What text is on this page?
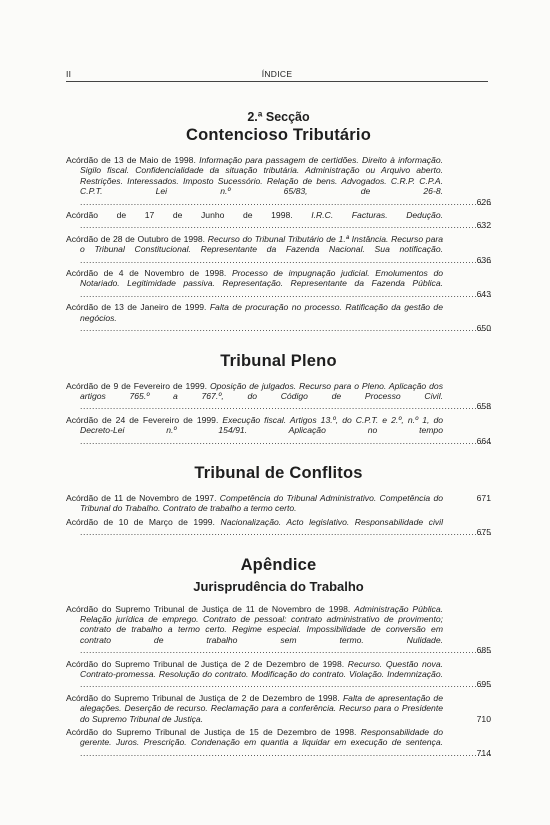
II	ÍNDICE
2.ª Secção
Contencioso Tributário
Acórdão de 13 de Maio de 1998. Informação para passagem de certidões. Direito à informação. Sigilo fiscal. Confidencialidade da situação tributária. Administração ou Arquivo aberto. Restrições. Interessados. Imposto Sucessório. Relação de bens. Advogados. C.R.P. C.P.A. C.P.T. Lei n.º 65/83, de 26-8. .....
626
Acórdão de 17 de Junho de 1998. I.R.C. Facturas. Dedução. .....
632
Acórdão de 28 de Outubro de 1998. Recurso do Tribunal Tributário de 1.ª Instância. Recurso para o Tribunal Constitucional. Representante da Fazenda Nacional. Sua notificação. .....
636
Acórdão de 4 de Novembro de 1998. Processo de impugnação judicial. Emolumentos do Notariado. Legitimidade passiva. Representação. Representante da Fazenda Pública. .....
643
Acórdão de 13 de Janeiro de 1999. Falta de procuração no processo. Ratificação da gestão de negócios. .....
650
Tribunal Pleno
Acórdão de 9 de Fevereiro de 1999. Oposição de julgados. Recurso para o Pleno. Aplicação dos artigos 765.º a 767.º, do Código de Processo Civil. .....
658
Acórdão de 24 de Fevereiro de 1999. Execução fiscal. Artigos 13.º, do C.P.T. e 2.º, n.º 1, do Decreto-Lei n.º 154/91. Aplicação no tempo .....
664
Tribunal de Conflitos
Acórdão de 11 de Novembro de 1997. Competência do Tribunal Administrativo. Competência do Tribunal do Trabalho. Contrato de trabalho a termo certo.
671
Acórdão de 10 de Março de 1999. Nacionalização. Acto legislativo. Responsabilidade civil .....
675
Apêndice
Jurisprudência do Trabalho
Acórdão do Supremo Tribunal de Justiça de 11 de Novembro de 1998. Administração Pública. Relação jurídica de emprego. Contrato de pessoal: contrato administrativo de provimento; contrato de trabalho a termo certo. Regime especial. Impossibilidade de conversão em contrato de trabalho sem termo. Nulidade. .....
685
Acórdão do Supremo Tribunal de Justiça de 2 de Dezembro de 1998. Recurso. Questão nova. Contrato-promessa. Resolução do contrato. Modificação do contrato. Violação. Indemnização. .....
695
Acórdão do Supremo Tribunal de Justiça de 2 de Dezembro de 1998. Falta de apresentação de alegações. Deserção de recurso. Reclamação para a conferência. Recurso para o Presidente do Supremo Tribunal de Justiça.	710
Acórdão do Supremo Tribunal de Justiça de 15 de Dezembro de 1998. Responsabilidade do gerente. Juros. Prescrição. Condenação em quantia a liquidar em execução de sentença. .....
714
